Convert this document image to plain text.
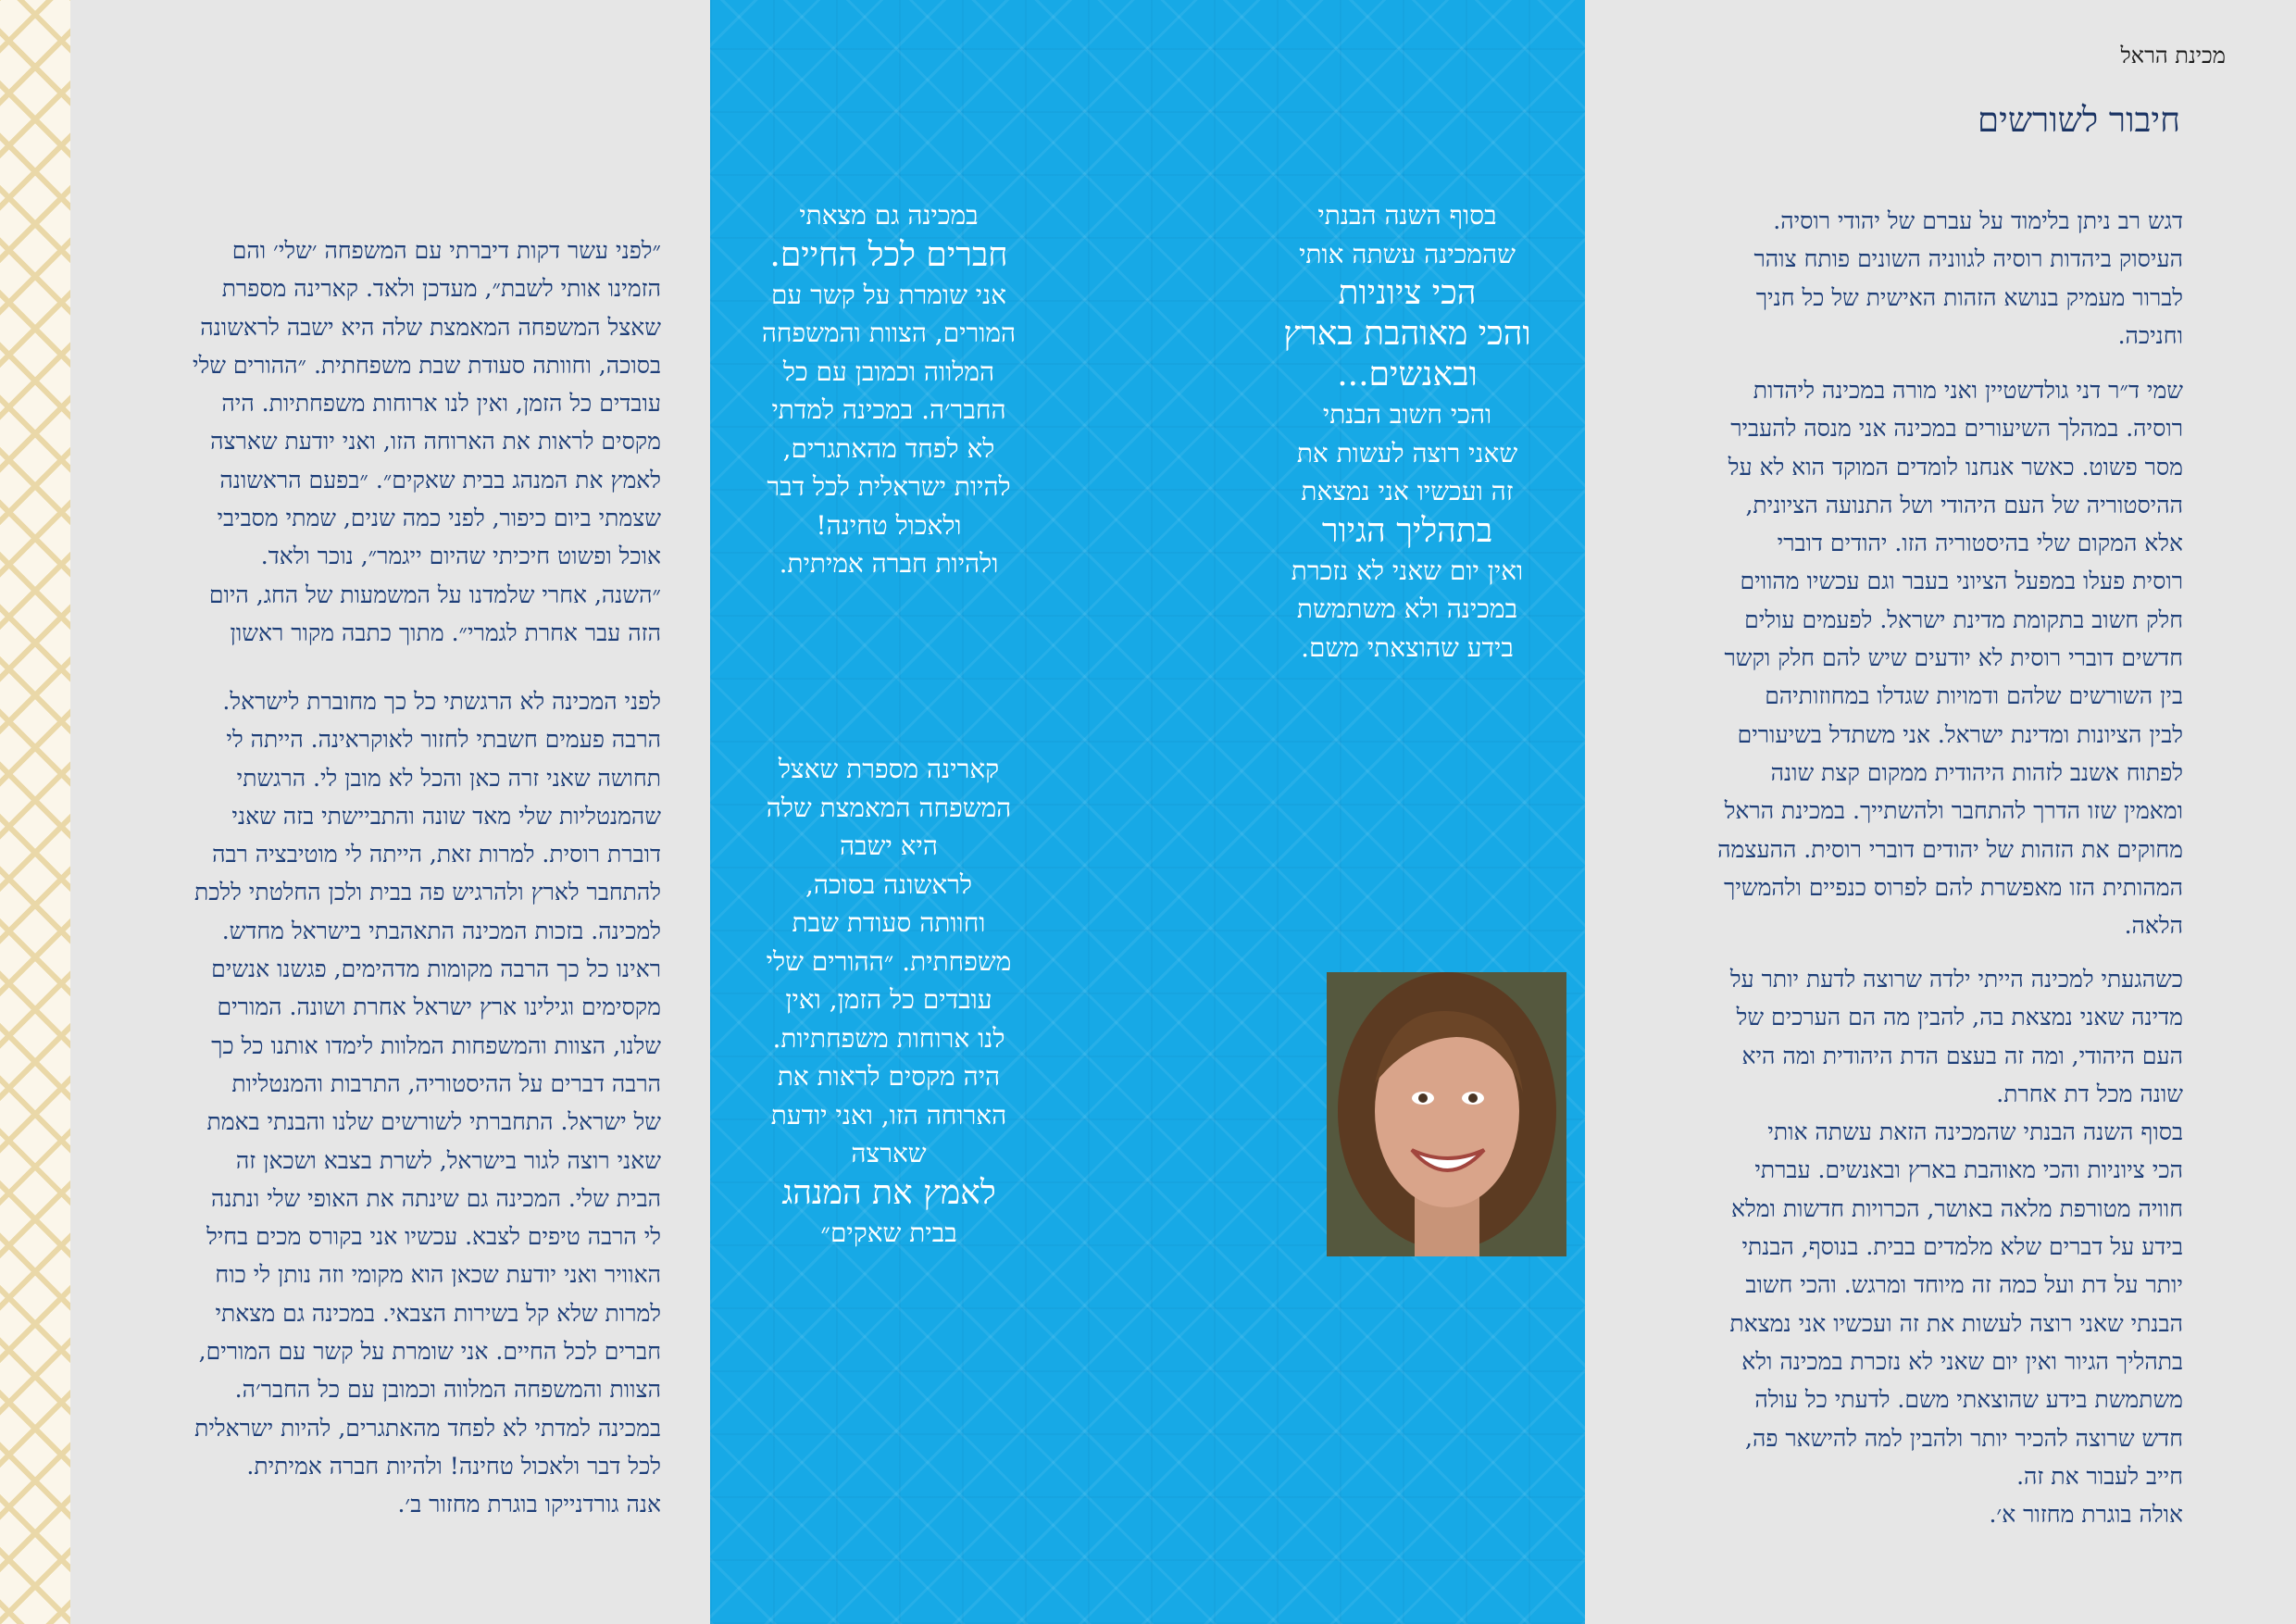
מכינת הראל
חיבור לשורשים
דגש רב ניתן בלימוד על עברם של יהודי רוסיה.
העיסוק ביהדות רוסיה לגווניה השונים פותח צוהר
לברור מעמיק בנושא הזהות האישית של כל חניך
וחניכה.
שמי ד״ר דני גולדשטיין ואני מורה במכינה ליהדות
רוסיה. במהלך השיעורים במכינה אני מנסה להעביר
מסר פשוט. כאשר אנחנו לומדים המוקד הוא לא על
ההיסטוריה של העם היהודי ושל התנועה הציונית,
אלא המקום שלי בהיסטוריה הזו. יהודים דוברי
רוסית פעלו במפעל הציוני בעבר וגם עכשיו מהווים
חלק חשוב בתקומת מדינת ישראל. לפעמים עולים
חדשים דוברי רוסית לא יודעים שיש להם חלק וקשר
בין השורשים שלהם ודמויות שגדלו במחוזותיהם
לבין הציונות ומדינת ישראל. אני משתדל בשיעורים
לפתוח אשנב לזהות היהודית ממקום קצת שונה
ומאמין שזו הדרך להתחבר ולהשתייך. במכינת הראל
מחוקים את הזהות של יהודים דוברי רוסית. ההעצמה
המהותית הזו מאפשרת להם לפרוס כנפיים ולהמשיך
הלאה.
כשהגעתי למכינה הייתי ילדה שרוצה לדעת יותר על
מדינה שאני נמצאת בה, להבין מה הם הערכים של
העם היהודי, ומה זה בעצם הדת היהודית ומה היא
שונה מכל דת אחרת.
בסוף השנה הבנתי שהמכינה הזאת עשתה אותי
הכי ציוניות והכי מאוהבת בארץ ובאנשים. עברתי
חוויה מטורפת מלאה באושר, הכרויות חדשות ומלא
בידע על דברים שלא מלמדים בבית. בנוסף, הבנתי
יותר על דת ועל כמה זה מיוחד ומרגש. והכי חשוב
הבנתי שאני רוצה לעשות את זה ועכשיו אני נמצאת
בתהליך הגיור ואין יום שאני לא נזכרת במכינה ולא
משתמשת בידע שהוצאתי משם. לדעתי כל עולה
חדש שרוצה להכיר יותר ולהבין למה להישאר פה,
חייב לעבור את זה.
אולה בוגרת מחזור א׳.
״לפני עשר דקות דיברתי עם המשפחה ׳שלי׳ והם
הזמינו אותי לשבת״, מעדכן ולאד. קארינה מספרת
שאצל המשפחה המאמצת שלה היא ישבה לראשונה
בסוכה, וחוותה סעודת שבת משפחתית. ״ההורים שלי
עובדים כל הזמן, ואין לנו ארוחות משפחתיות. היה
מקסים לראות את הארוחה הזו, ואני יודעת שארצה
לאמץ את המנהג בבית שאקים״. ״בפעם הראשונה
שצמתי ביום כיפור, לפני כמה שנים, שמתי מסביבי
אוכל ופשוט חיכיתי שהיום ייגמר״, נוכר ולאד.
״השנה, אחרי שלמדנו על המשמעות של החג, היום
הזה עבר אחרת לגמרי״. מתוך כתבה מקור ראשון
לפני המכינה לא הרגשתי כל כך מחוברת לישראל.
הרבה פעמים חשבתי לחזור לאוקראינה. הייתה לי
תחושה שאני זרה כאן והכל לא מובן לי. הרגשתי
שהמנטליות שלי מאד שונה והתביישתי בזה שאני
דוברת רוסית. למרות זאת, הייתה לי מוטיבציה רבה
להתחבר לארץ ולהרגיש פה בבית ולכן החלטתי ללכת
למכינה. בזכות המכינה התאהבתי בישראל מחדש.
ראינו כל כך הרבה מקומות מדהימים, פגשנו אנשים
מקסימים וגילינו ארץ ישראל אחרת ושונה. המורים
שלנו, הצוות והמשפחות המלוות לימדו אותנו כל כך
הרבה דברים על ההיסטוריה, התרבות והמנטליות
של ישראל. התחברתי לשורשים שלנו והבנתי באמת
שאני רוצה לגור בישראל, לשרת בצבא ושכאן זה
הבית שלי. המכינה גם שינתה את האופי שלי ונתנה
לי הרבה טיפים לצבא. עכשיו אני בקורס מכים בחיל
האוויר ואני יודעת שכאן הוא מקומי וזה נותן לי כוח
למרות שלא קל בשירות הצבאי. במכינה גם מצאתי
חברים לכל החיים. אני שומרת על קשר עם המורים,
הצוות והמשפחה המלווה וכמובן עם כל החבר׳ה.
במכינה למדתי לא לפחד מהאתגרים, להיות ישראלית
לכל דבר ולאכול טחינה! ולהיות חברה אמיתית.
אנה גורדנייקו בוגרת מחזור ב׳.
בסוף השנה הבנתי
שהמכינה עשתה אותי
הכי ציוניות
והכי מאוהבת בארץ
ובאנשים...
והכי חשוב הבנתי
שאני רוצה לעשות את
זה ועכשיו אני נמצאת
בתהליך הגיור
ואין יום שאני לא נזכרת
במכינה ולא משתמשת
בידע שהוצאתי משם.
במכינה גם מצאתי
חברים לכל החיים.
אני שומרת על קשר עם
המורים, הצוות והמשפחה
המלווה וכמובן עם כל
החבר׳ה. במכינה למדתי
לא לפחד מהאתגרים,
להיות ישראלית לכל דבר
ולאכול טחינה!
ולהיות חברה אמיתית.
קארינה מספרת שאצל
המשפחה המאמצת שלה
היא ישבה
לראשונה בסוכה,
וחוותה סעודת שבת
משפחתית. ״ההורים שלי
עובדים כל הזמן, ואין
לנו ארוחות משפחתיות.
היה מקסים לראות את
הארוחה הזו, ואני יודעת
שארצה
לאמץ את המנהג
בבית שאקים״
